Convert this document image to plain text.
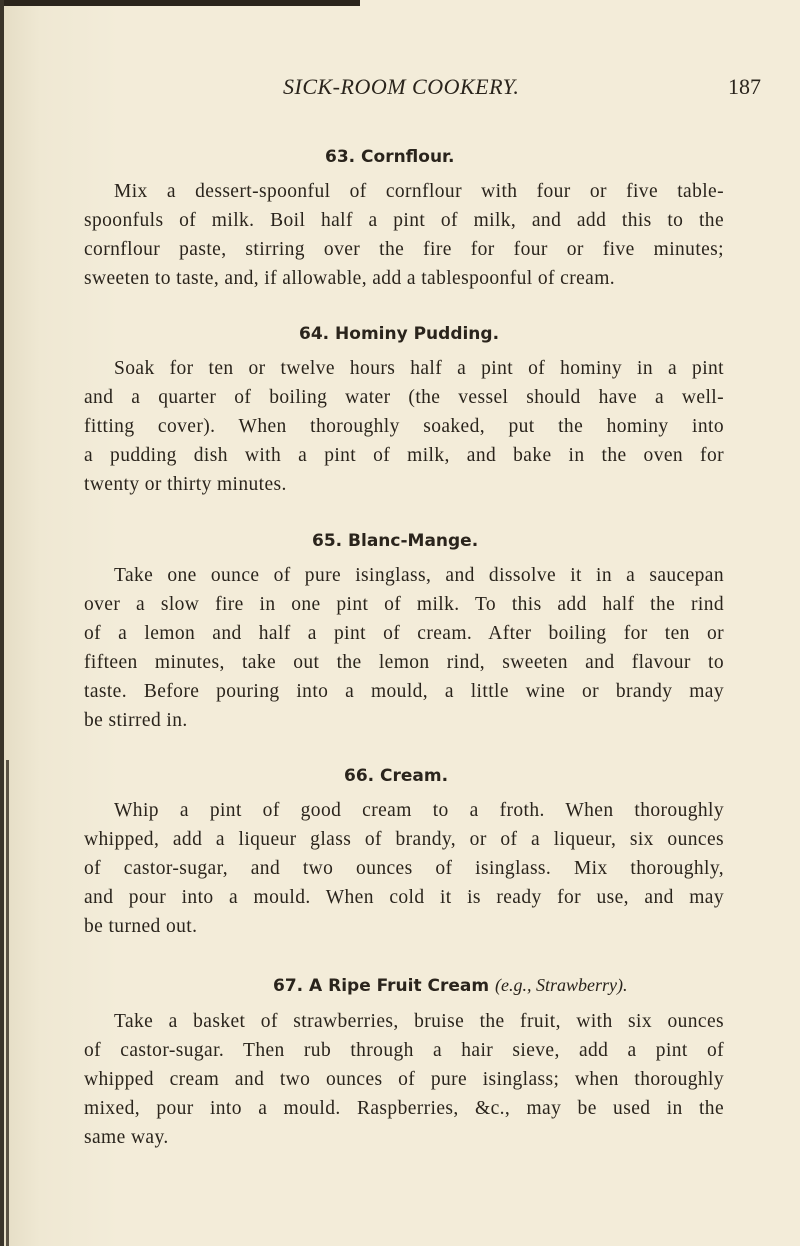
SICK-ROOM COOKERY.	187
63. Cornflour.
Mix a dessert-spoonful of cornflour with four or five table-
spoonfuls of milk. Boil half a pint of milk, and add this to the
cornflour paste, stirring over the fire for four or five minutes;
sweeten to taste, and, if allowable, add a tablespoonful of cream.
64. Hominy Pudding.
Soak for ten or twelve hours half a pint of hominy in a pint
and a quarter of boiling water (the vessel should have a well-
fitting cover). When thoroughly soaked, put the hominy into
a pudding dish with a pint of milk, and bake in the oven for
twenty or thirty minutes.
65. Blanc-Mange.
Take one ounce of pure isinglass, and dissolve it in a saucepan
over a slow fire in one pint of milk. To this add half the rind
of a lemon and half a pint of cream. After boiling for ten or
fifteen minutes, take out the lemon rind, sweeten and flavour to
taste. Before pouring into a mould, a little wine or brandy may
be stirred in.
66. Cream.
Whip a pint of good cream to a froth. When thoroughly
whipped, add a liqueur glass of brandy, or of a liqueur, six ounces
of castor-sugar, and two ounces of isinglass. Mix thoroughly,
and pour into a mould. When cold it is ready for use, and may
be turned out.
67. A Ripe Fruit Cream (e.g., Strawberry).
Take a basket of strawberries, bruise the fruit, with six ounces
of castor-sugar. Then rub through a hair sieve, add a pint of
whipped cream and two ounces of pure isinglass; when thoroughly
mixed, pour into a mould. Raspberries, &c., may be used in the
same way.
